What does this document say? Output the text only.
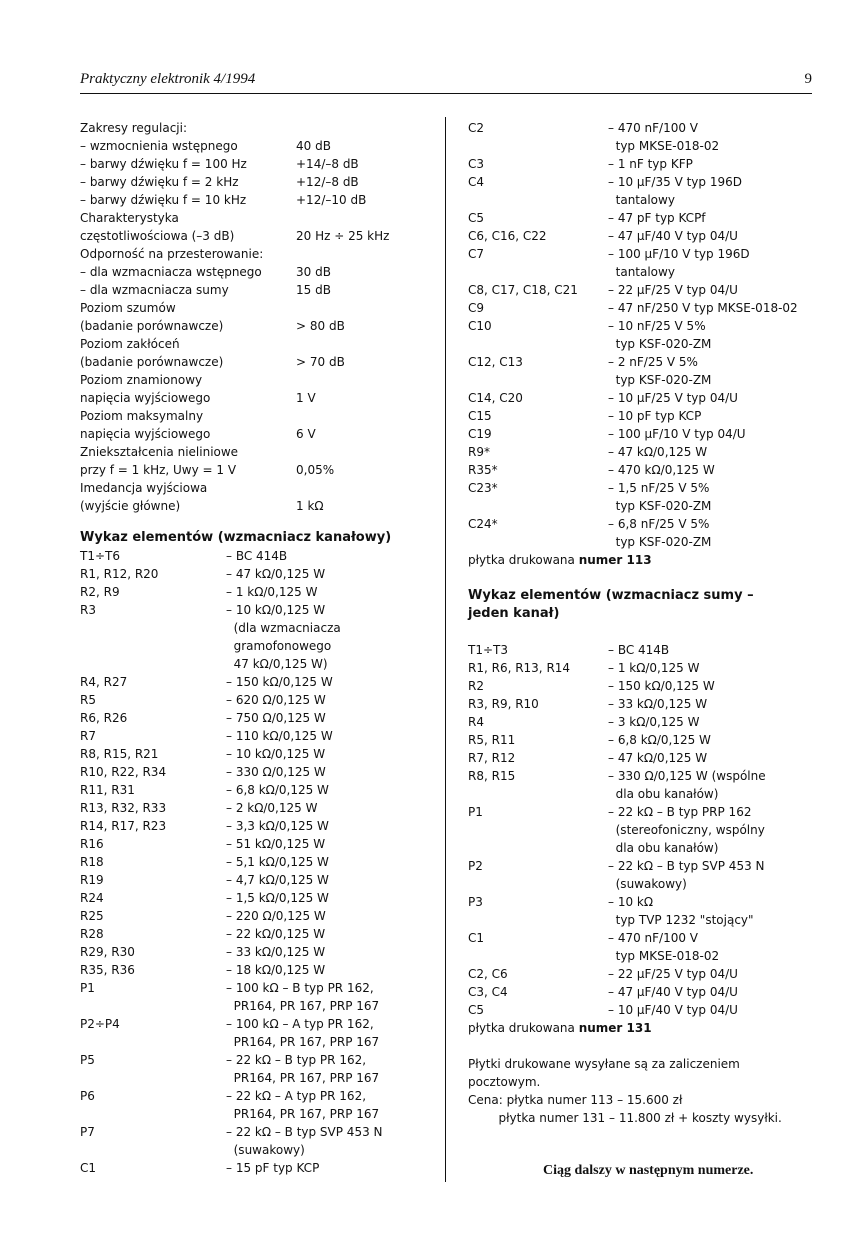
Praktyczny elektronik 4/1994	9
Zakresy regulacji:
– wzmocnienia wstępnego	40 dB
– barwy dźwięku f = 100 Hz	+14/–8 dB
– barwy dźwięku f = 2 kHz	+12/–8 dB
– barwy dźwięku f = 10 kHz	+12/–10 dB
Charakterystyka
częstotliwościowa (–3 dB)	20 Hz ÷ 25 kHz
Odporność na przesterowanie:
– dla wzmacniacza wstępnego	30 dB
– dla wzmacniacza sumy	15 dB
Poziom szumów
(badanie porównawcze)	> 80 dB
Poziom zakłóceń
(badanie porównawcze)	> 70 dB
Poziom znamionowy
napięcia wyjściowego	1 V
Poziom maksymalny
napięcia wyjściowego	6 V
Zniekształcenia nieliniowe
przy f = 1 kHz, Uwy = 1 V	0,05%
Imedancja wyjściowa
(wyjście główne)	1 kΩ
Wykaz elementów (wzmacniacz kanałowy)
T1÷T6	– BC 414B
R1, R12, R20	– 47 kΩ/0,125 W
R2, R9	– 1 kΩ/0,125 W
R3	– 10 kΩ/0,125 W
(dla wzmacniacza
gramofonowego
47 kΩ/0,125 W)
R4, R27	– 150 kΩ/0,125 W
R5	– 620 Ω/0,125 W
R6, R26	– 750 Ω/0,125 W
R7	– 110 kΩ/0,125 W
R8, R15, R21	– 10 kΩ/0,125 W
R10, R22, R34	– 330 Ω/0,125 W
R11, R31	– 6,8 kΩ/0,125 W
R13, R32, R33	– 2 kΩ/0,125 W
R14, R17, R23	– 3,3 kΩ/0,125 W
R16	– 51 kΩ/0,125 W
R18	– 5,1 kΩ/0,125 W
R19	– 4,7 kΩ/0,125 W
R24	– 1,5 kΩ/0,125 W
R25	– 220 Ω/0,125 W
R28	– 22 kΩ/0,125 W
R29, R30	– 33 kΩ/0,125 W
R35, R36	– 18 kΩ/0,125 W
P1	– 100 kΩ – B typ PR 162,
PR164, PR 167, PRP 167
P2÷P4	– 100 kΩ – A typ PR 162,
PR164, PR 167, PRP 167
P5	– 22 kΩ – B typ PR 162,
PR164, PR 167, PRP 167
P6	– 22 kΩ – A typ PR 162,
PR164, PR 167, PRP 167
P7	– 22 kΩ – B typ SVP 453 N
(suwakowy)
C1	– 15 pF typ KCP
C2	– 470 nF/100 V
typ MKSE-018-02
C3	– 1 nF typ KFP
C4	– 10 µF/35 V typ 196D
tantalowy
C5	– 47 pF typ KCPf
C6, C16, C22	– 47 µF/40 V typ 04/U
C7	– 100 µF/10 V typ 196D
tantalowy
C8, C17, C18, C21	– 22 µF/25 V typ 04/U
C9	– 47 nF/250 V typ MKSE-018-02
C10	– 10 nF/25 V 5%
typ KSF-020-ZM
C12, C13	– 2 nF/25 V 5%
typ KSF-020-ZM
C14, C20	– 10 µF/25 V typ 04/U
C15	– 10 pF typ KCP
C19	– 100 µF/10 V typ 04/U
R9*	– 47 kΩ/0,125 W
R35*	– 470 kΩ/0,125 W
C23*	– 1,5 nF/25 V 5%
typ KSF-020-ZM
C24*	– 6,8 nF/25 V 5%
typ KSF-020-ZM
płytka drukowana numer 113
Wykaz elementów (wzmacniacz sumy –
jeden kanał)
T1÷T3	– BC 414B
R1, R6, R13, R14	– 1 kΩ/0,125 W
R2	– 150 kΩ/0,125 W
R3, R9, R10	– 33 kΩ/0,125 W
R4	– 3 kΩ/0,125 W
R5, R11	– 6,8 kΩ/0,125 W
R7, R12	– 47 kΩ/0,125 W
R8, R15	– 330 Ω/0,125 W (wspólne
dla obu kanałów)
P1	– 22 kΩ – B typ PRP 162
(stereofoniczny, wspólny
dla obu kanałów)
P2	– 22 kΩ – B typ SVP 453 N
(suwakowy)
P3	– 10 kΩ
typ TVP 1232 "stojący"
C1	– 470 nF/100 V
typ MKSE-018-02
C2, C6	– 22 µF/25 V typ 04/U
C3, C4	– 47 µF/40 V typ 04/U
C5	– 10 µF/40 V typ 04/U
płytka drukowana numer 131
Płytki drukowane wysyłane są za zaliczeniem
pocztowym.
Cena: płytka numer 113 – 15.600 zł
płytka numer 131 – 11.800 zł + koszty wysyłki.
Ciąg dalszy w następnym numerze.
